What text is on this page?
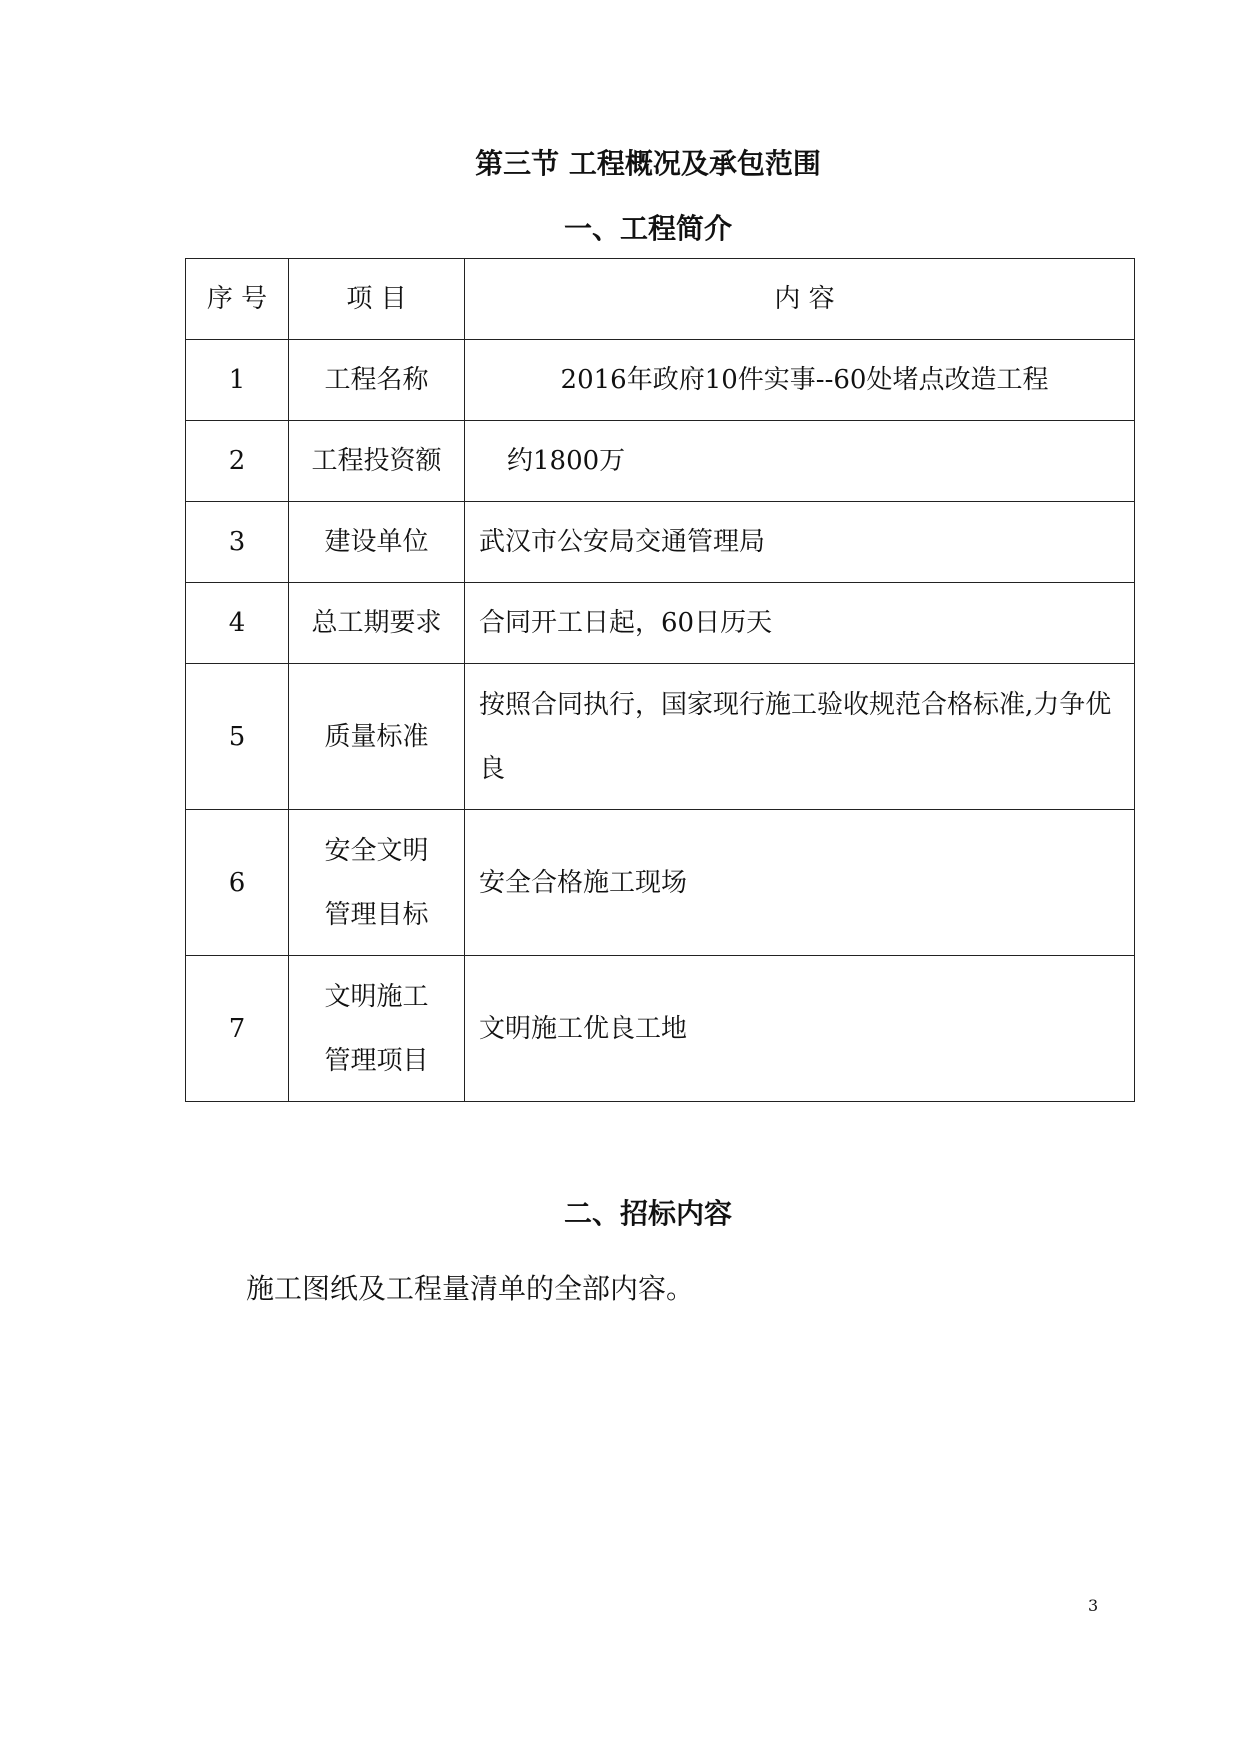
第三节 工程概况及承包范围
一、工程简介
序 号	项 目	内 容
1	工程名称	2016年政府10件实事--60处堵点改造工程
2	工程投资额	约1800万
3	建设单位	武汉市公安局交通管理局
4	总工期要求	合同开工日起，60日历天
5	质量标准	按照合同执行，国家现行施工验收规范合格标准,力争优良
6	安全文明管理目标	安全合格施工现场
7	文明施工管理项目	文明施工优良工地
二、招标内容

施工图纸及工程量清单的全部内容。

3
